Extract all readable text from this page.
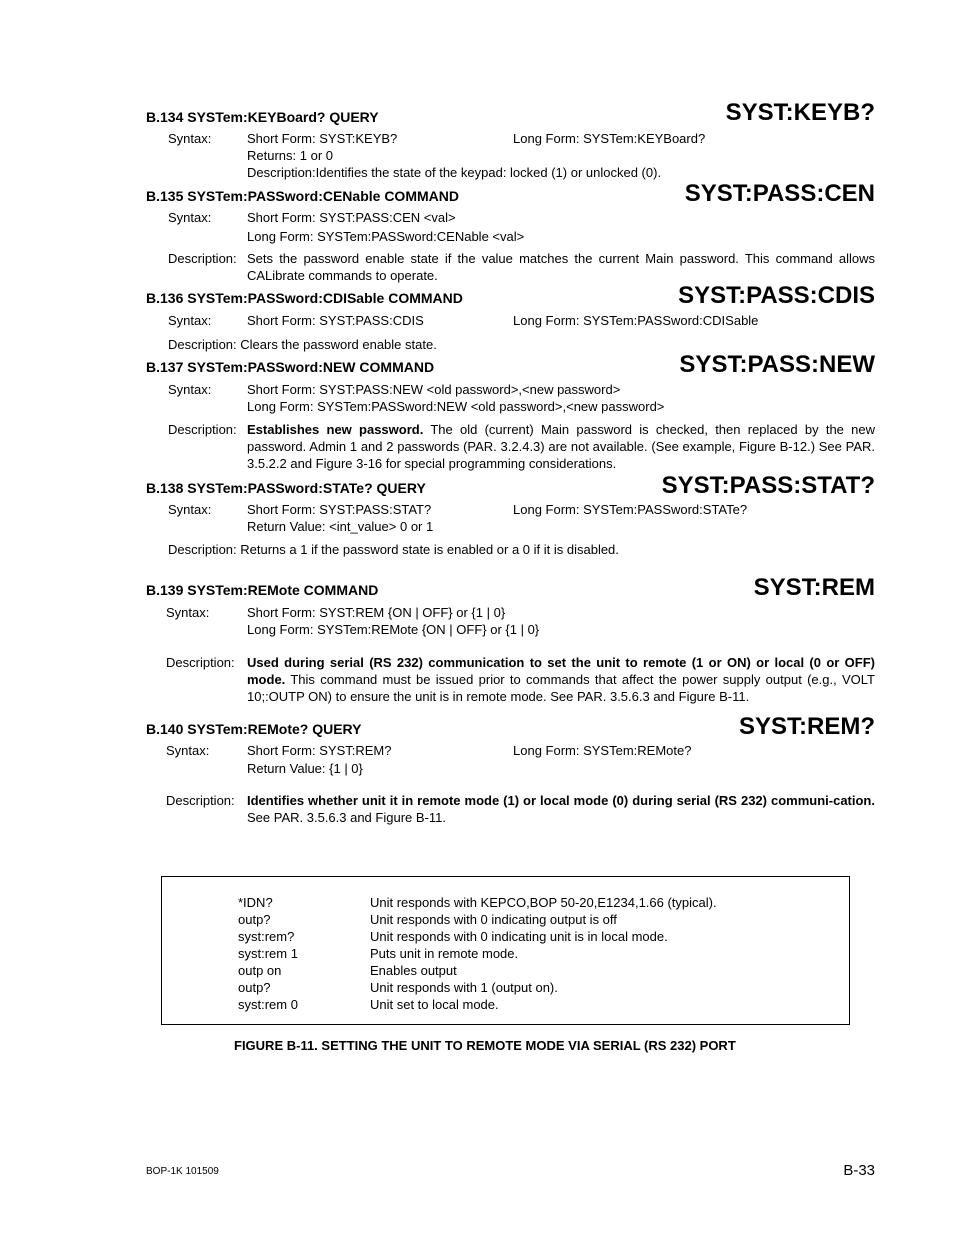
B.134 SYSTem:KEYBoard? QUERY	SYST:KEYB?
Syntax:	Short Form: SYST:KEYB?	Long Form: SYSTem:KEYBoard?
Returns: 1 or 0
Description:Identifies the state of the keypad: locked (1) or unlocked (0).
B.135 SYSTem:PASSword:CENable COMMAND	SYST:PASS:CEN
Syntax:	Short Form: SYST:PASS:CEN <val>
Long Form: SYSTem:PASSword:CENable <val>
Description: Sets the password enable state if the value matches the current Main password. This command allows CALibrate commands to operate.
B.136 SYSTem:PASSword:CDISable COMMAND	SYST:PASS:CDIS
Syntax:	Short Form: SYST:PASS:CDIS	Long Form: SYSTem:PASSword:CDISable
Description: Clears the password enable state.
B.137 SYSTem:PASSword:NEW COMMAND	SYST:PASS:NEW
Syntax:	Short Form: SYST:PASS:NEW <old password>,<new password>
Long Form: SYSTem:PASSword:NEW <old password>,<new password>
Description: Establishes new password. The old (current) Main password is checked, then replaced by the new password. Admin 1 and 2 passwords (PAR. 3.2.4.3) are not available. (See example, Figure B-12.) See PAR. 3.5.2.2 and Figure 3-16 for special programming considerations.
B.138 SYSTem:PASSword:STATe? QUERY	SYST:PASS:STAT?
Syntax:	Short Form: SYST:PASS:STAT?	Long Form: SYSTem:PASSword:STATe?
Return Value: <int_value> 0 or 1
Description: Returns a 1 if the password state is enabled or a 0 if it is disabled.
B.139 SYSTem:REMote COMMAND	SYST:REM
Syntax:	Short Form: SYST:REM {ON | OFF} or {1 | 0}
Long Form: SYSTem:REMote {ON | OFF} or {1 | 0}
Description: Used during serial (RS 232) communication to set the unit to remote (1 or ON) or local (0 or OFF) mode. This command must be issued prior to commands that affect the power supply output (e.g., VOLT 10;:OUTP ON) to ensure the unit is in remote mode. See PAR. 3.5.6.3 and Figure B-11.
B.140 SYSTem:REMote? QUERY	SYST:REM?
Syntax:	Short Form: SYST:REM?	Long Form: SYSTem:REMote?
Return Value: {1 | 0}
Description: Identifies whether unit it in remote mode (1) or local mode (0) during serial (RS 232) communi-cation. See PAR. 3.5.6.3 and Figure B-11.
*IDN?	Unit responds with KEPCO,BOP 50-20,E1234,1.66 (typical).
outp?	Unit responds with 0 indicating output is off
syst:rem?	Unit responds with 0 indicating unit is in local mode.
syst:rem 1	Puts unit in remote mode.
outp on	Enables output
outp?	Unit responds with 1 (output on).
syst:rem 0	Unit set to local mode.
FIGURE B-11. SETTING THE UNIT TO REMOTE MODE VIA SERIAL (RS 232) PORT
BOP-1K 101509	B-33
